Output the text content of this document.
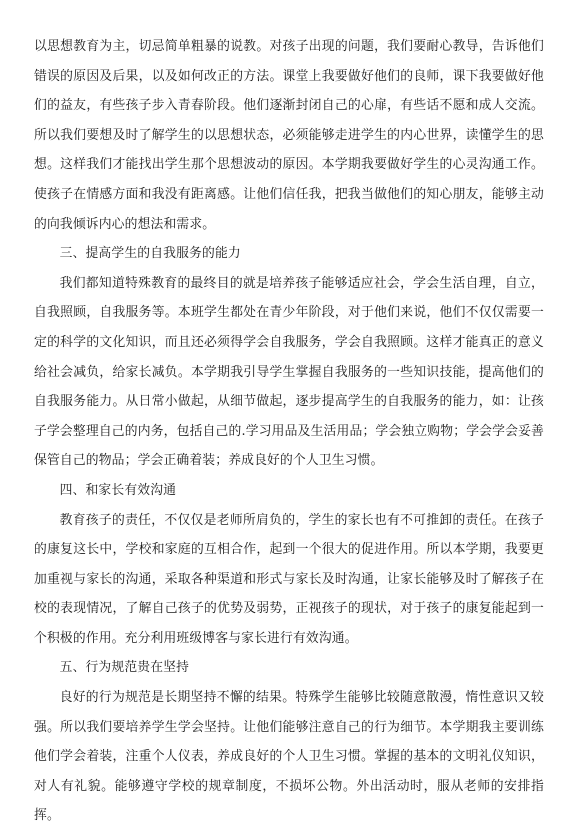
以思想教育为主，切忌简单粗暴的说教。对孩子出现的问题，我们要耐心教导，告诉他们错误的原因及后果，以及如何改正的方法。课堂上我要做好他们的良师，课下我要做好他们的益友，有些孩子步入青春阶段。他们逐渐封闭自己的心扉，有些话不愿和成人交流。所以我们要想及时了解学生的以思想状态，必须能够走进学生的内心世界，读懂学生的思想。这样我们才能找出学生那个思想波动的原因。本学期我要做好学生的心灵沟通工作。使孩子在情感方面和我没有距离感。让他们信任我，把我当做他们的知心朋友，能够主动的向我倾诉内心的想法和需求。

三、提高学生的自我服务的能力

我们都知道特殊教育的最终目的就是培养孩子能够适应社会，学会生活自理，自立，自我照顾，自我服务等。本班学生都处在青少年阶段，对于他们来说，他们不仅仅需要一定的科学的文化知识，而且还必须得学会自我服务，学会自我照顾。这样才能真正的意义给社会减负，给家长减负。本学期我引导学生掌握自我服务的一些知识技能，提高他们的自我服务能力。从日常小做起，从细节做起，逐步提高学生的自我服务的能力，如：让孩子学会整理自己的内务，包括自己的.学习用品及生活用品；学会独立购物；学会学会妥善保管自己的物品；学会正确着装；养成良好的个人卫生习惯。

四、和家长有效沟通

教育孩子的责任，不仅仅是老师所肩负的，学生的家长也有不可推卸的责任。在孩子的康复这长中，学校和家庭的互相合作，起到一个很大的促进作用。所以本学期，我要更加重视与家长的沟通，采取各种渠道和形式与家长及时沟通，让家长能够及时了解孩子在校的表现情况，了解自己孩子的优势及弱势，正视孩子的现状，对于孩子的康复能起到一个积极的作用。充分利用班级博客与家长进行有效沟通。

五、行为规范贵在坚持

良好的行为规范是长期坚持不懈的结果。特殊学生能够比较随意散漫，惰性意识又较强。所以我们要培养学生学会坚持。让他们能够注意自己的行为细节。本学期我主要训练他们学会着装，注重个人仪表，养成良好的个人卫生习惯。掌握的基本的文明礼仪知识，对人有礼貌。能够遵守学校的规章制度，不损坏公物。外出活动时，服从老师的安排指挥。
